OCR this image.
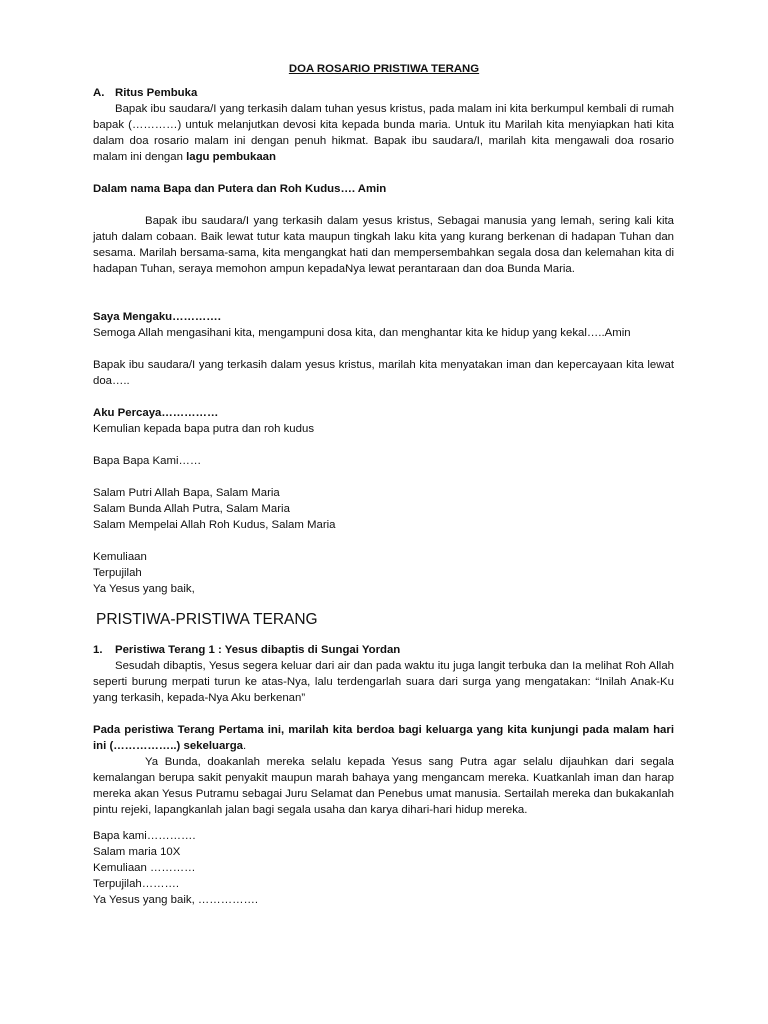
DOA ROSARIO PRISTIWA TERANG

A. Ritus Pembuka

Bapak ibu saudara/I yang terkasih dalam tuhan yesus kristus, pada malam ini kita berkumpul kembali di rumah bapak (…………) untuk melanjutkan devosi kita kepada bunda maria. Untuk itu Marilah kita menyiapkan hati kita dalam doa rosario malam ini dengan penuh hikmat. Bapak ibu saudara/I, marilah kita mengawali doa rosario malam ini dengan lagu pembukaan

Dalam nama Bapa dan Putera dan Roh Kudus…. Amin

Bapak ibu saudara/I yang terkasih dalam yesus kristus, Sebagai manusia yang lemah, sering kali kita jatuh dalam cobaan. Baik lewat tutur kata maupun tingkah laku kita yang kurang berkenan di hadapan Tuhan dan sesama. Marilah bersama-sama, kita mengangkat hati dan mempersembahkan segala dosa dan kelemahan kita di hadapan Tuhan, seraya memohon ampun kepadaNya lewat perantaraan dan doa Bunda Maria.

Saya Mengaku………….

Semoga Allah mengasihani kita, mengampuni dosa kita, dan menghantar kita ke hidup yang kekal…..Amin

Bapak ibu saudara/I yang terkasih dalam yesus kristus, marilah kita menyatakan iman dan kepercayaan kita lewat doa…..

Aku Percaya……………

Kemulian kepada bapa putra dan roh kudus

Bapa Bapa Kami……

Salam Putri Allah Bapa, Salam Maria
Salam Bunda Allah Putra, Salam Maria
Salam Mempelai Allah Roh Kudus, Salam Maria
Kemuliaan
Terpujilah
Ya Yesus yang baik,
PRISTIWA-PRISTIWA TERANG
1.	Peristiwa Terang 1 : Yesus dibaptis di Sungai Yordan

Sesudah dibaptis, Yesus segera keluar dari air dan pada waktu itu juga langit terbuka dan Ia melihat Roh Allah seperti burung merpati turun ke atas-Nya, lalu terdengarlah suara dari surga yang mengatakan: “Inilah Anak-Ku yang terkasih, kepada-Nya Aku berkenan”

Pada peristiwa Terang Pertama ini, marilah kita berdoa bagi keluarga yang kita kunjungi pada malam hari ini (……………..) sekeluarga.

Ya Bunda, doakanlah mereka selalu kepada Yesus sang Putra agar selalu dijauhkan dari segala kemalangan berupa sakit penyakit maupun marah bahaya yang mengancam mereka. Kuatkanlah iman dan harap mereka akan Yesus Putramu sebagai Juru Selamat dan Penebus umat manusia. Sertailah mereka dan bukakanlah pintu rejeki, lapangkanlah jalan bagi segala usaha dan karya dihari-hari hidup mereka.

Bapa kami………….
Salam maria 10X
Kemuliaan …………
Terpujilah……….
Ya Yesus yang baik, …………….
